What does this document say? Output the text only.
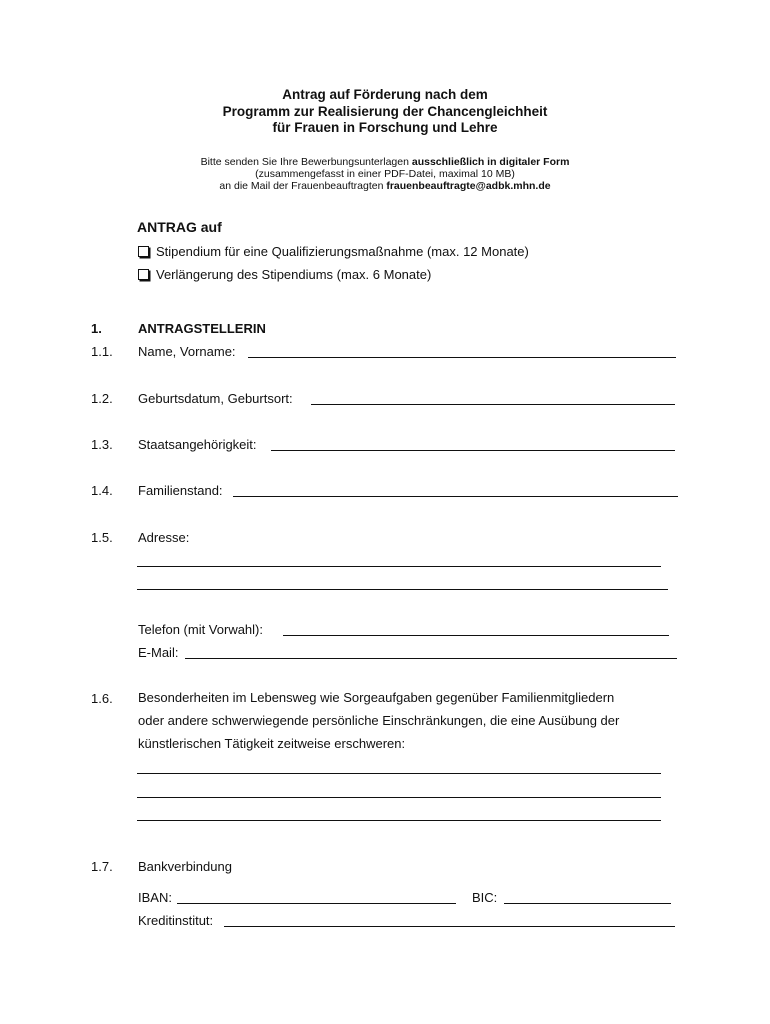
Antrag auf Förderung nach dem
Programm zur Realisierung der Chancengleichheit
für Frauen in Forschung und Lehre
Bitte senden Sie Ihre Bewerbungsunterlagen ausschließlich in digitaler Form
(zusammengefasst in einer PDF-Datei, maximal 10 MB)
an die Mail der Frauenbeauftragten frauenbeauftragte@adbk.mhn.de
ANTRAG auf
Stipendium für eine Qualifizierungsmaßnahme (max. 12 Monate)
Verlängerung des Stipendiums (max. 6 Monate)
1.	ANTRAGSTELLERIN
1.1. Name, Vorname:
1.2. Geburtsdatum, Geburtsort:
1.3. Staatsangehörigkeit:
1.4. Familienstand:
1.5. Adresse:
Telefon (mit Vorwahl):
E-Mail:
1.6. Besonderheiten im Lebensweg wie Sorgeaufgaben gegenüber Familienmitgliedern
oder andere schwerwiegende persönliche Einschränkungen, die eine Ausübung der
künstlerischen Tätigkeit zeitweise erschweren:
1.7. Bankverbindung
IBAN:	BIC:
Kreditinstitut:
